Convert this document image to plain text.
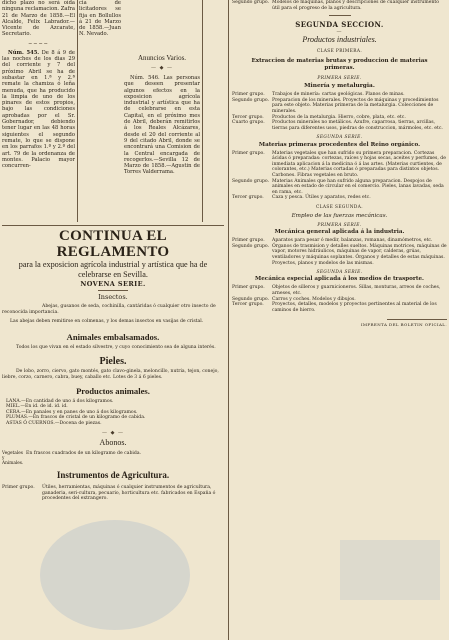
dicho plazo no será oída ninguna reclamacion. Zafra 21 de Marzo de 1858.—El Alcalde, Felix Labrador.—Vicente de Azcarate, Secretario.

~~~~

Núm. 545. De 8 á 9 de las noches de los dias 29 del corriente y 7 del próximo Abril se ha de subastar en 1.ª y 2.ª remate la chamiza ó leña menuda, que ha producido la limpia de uno de los pinares de estos propios, bajo las condiciones aprobadas por el Sr. Gobernador, debiendo tener lugar en las 48 horas siguientes el segundo remate, lo que se dispone en los parrafos 1.º y 2.º del art. 79 de la ordenanza de montes. Palacio mayor concurren-

cia de licitadores se fija en Bollullos á 21 de Marzo de 1858.—Juan N. Nevado.

Anuncios Varios.
— ◆ —

Núm. 546. Las personas que deseen presentar algunos efectos en la exposicion agrícola industrial y artística que ha de celebrarse en esta Capital, en el próximo mes de Abril, deberán remitirlos á los Reales Alcázares, desde el 20 del corriente al 9 del citado Abril, donde se encontrará una Comision de la Central encargada de recogerlos.—Sevilla 12 de Marzo de 1858.—Agustin de Torres Valderrama.

CONTINUA EL REGLAMENTO
para la exposicion agrícola industrial y artística que ha de celebrarse en Sevilla.
NOVENA SERIE.
Insectos.

Abejas, gusanos de seda, cochinilla, cantáridas ó cualquier otro insecto de reconocida importancia.

Las abejas deben remitirse en colmenas, y los demas insectos en vasijas de cristal.

Animales embalsamados.

Todos los que vivan en el estado silvestre, y cuyo conocimiento sea de alguna interés.

Pieles.

De lobo, zorro, ciervo, gato montés, gato clavo-ginela, meloncillo, nutria, tejon, conejo, liebre, corzo, carnero, cabra, buey, caballo etc. Lotes de 3 á 6 pieles.

Productos animales.

LANA.—En cantidad de uno á dos kilogramos.

MIEL.—En id. de id. id. id.

CERA.—En panales y en panes de uno á dos kilogramos.

PLUMAS.—En frascos de cristal de un kilogramo de cabida.

ASTAS Ó CUERNOS.—Docena de piezas.

— ◆ —
Abonos.
Vegetales y Animales.
En frascos cuadrados de un kilogramo de cabida.
Instrumentos de Agricultura.
Primer grupo.	Útiles, herramientas, máquinas ó cualquier instrumentos de agricultura, ganaderia, seri-cultura, pecuario, horticultura etc. fabricados en España ó procedentes del extrangero.
Segundo grupo. Modelos de máquinas, planos y descripciones de cualquier instrumento útil para el progreso de la agricultura.
SEGUNDA SECCION.
—
Productos industriales.
CLASE PRIMERA.
Extraccion de materias brutas y produccion de materias primeras.
PRIMERA SERIE.
Minería y metalurgia.
Primer grupo.	Trabajos de minería: cartas geológicas. Planos de minas.
Segundo grupo. Preparacion de los minerales. Proyectos de máquinas y procedimientos para este objeto. Materias primeras de la metalurgia. Colecciones de minerales.
Tercer grupo.	Productos de la metalurgia. Hierro, cobre, plata, etc. etc.
Cuarto grupo.	Productos minerales no metálicos. Azufre, caparrosa, tierras, arcillas, tierras para diferentes usos, piedras de construccion, mármoles, etc. etc.
SEGUNDA SERIE.
Materias primeras procedentes del Reino orgánico.
Primer grupo.	Materias vegetales que han sufrido su primera preparacion. Cortezas ácidas ó preparadas: cortezas, raíces y hojas secas, aceites y perfumes, de inmediata aplicacion á la medicina ó á las artes. (Materias curtientes, de colorantes, etc.) Materias cortadas ó preparadas para distintos objetos. Carbones. Fibras vegetales en bruto.
Segundo grupo. Materias Animales que han sufrido alguna preparacion. Despojos de animales en estado de circular en el comercio. Pieles, lanas lavadas, seda en rama, etc.
Tercer grupo.	Caza y pesca. Útiles y aparatos, redes etc.
CLASE SEGUNDA.
Empleo de las fuerzas mecánicas.
PRIMERA SERIE.
Mecánica general aplicada á la industria.
Primer grupo.	Aparatos para pesar ó medir, balanzas, romanas, dinamómetros, etc.
Segundo grupo. Órganos de trasmision y detalles sueltos. Máquinas motrices, máquinas de vapor, motores hidráulicos, máquinas de vapor, calderas, grúas, ventiladores y máquinas soplantes. Órganos y detalles de estas máquinas. Proyectos, planos y modelos de las mismas.
SEGUNDA SERIE.
Mecánica especial aplicada á los medios de trasporte.
Primer grupo.	Objetos de silleros y guarnicioneros. Sillas, monturas, arreos de coches, arneses, etc.
Segundo grupo. Carros y coches. Modelos y dibujos.
Tercer grupo.	Proyectos, detalles, modelos y proyectos pertinentes al material de los caminos de hierro.
IMPRENTA DEL BOLETIN OFICIAL.
